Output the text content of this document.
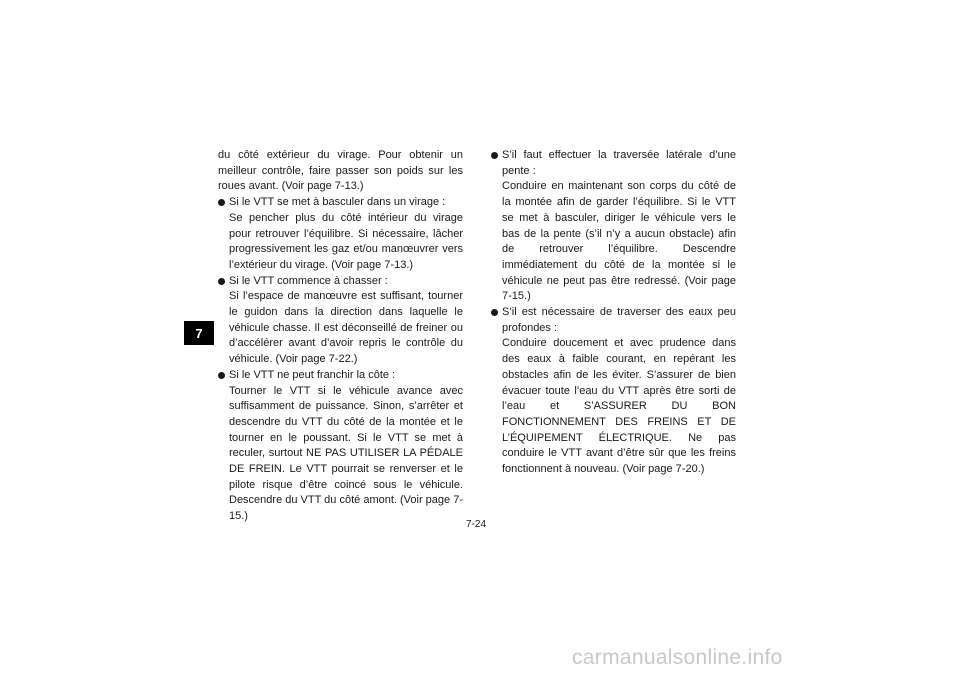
7

du côté extérieur du virage. Pour obtenir un meilleur contrôle, faire passer son poids sur les roues avant. (Voir page 7-13.)

Si le VTT se met à basculer dans un virage :
Se pencher plus du côté intérieur du virage pour retrouver l’équilibre. Si nécessaire, lâcher progressivement les gaz et/ou manœuvrer vers l’extérieur du virage. (Voir page 7-13.)
Si le VTT commence à chasser :
Si l’espace de manœuvre est suffisant, tourner le guidon dans la direction dans laquelle le véhicule chasse. Il est déconseillé de freiner ou d’accélérer avant d’avoir repris le contrôle du véhicule. (Voir page 7-22.)
Si le VTT ne peut franchir la côte :
Tourner le VTT si le véhicule avance avec suffisamment de puissance. Sinon, s’arrêter et descendre du VTT du côté de la montée et le tourner en le poussant. Si le VTT se met à reculer, surtout NE PAS UTILISER LA PÉDALE DE FREIN. Le VTT pourrait se renverser et le pilote risque d’être coincé sous le véhicule. Descendre du VTT du côté amont. (Voir page 7-15.)
S’il faut effectuer la traversée latérale d’une pente :
Conduire en maintenant son corps du côté de la montée afin de garder l’équilibre. Si le VTT se met à basculer, diriger le véhicule vers le bas de la pente (s’il n’y a aucun obstacle) afin de retrouver l’équilibre. Descendre immédiatement du côté de la montée si le véhicule ne peut pas être redressé. (Voir page 7-15.)
S’il est nécessaire de traverser des eaux peu profondes :
Conduire doucement et avec prudence dans des eaux à faible courant, en repérant les obstacles afin de les éviter. S’assurer de bien évacuer toute l’eau du VTT après être sorti de l’eau et S’ASSURER DU BON FONCTIONNEMENT DES FREINS ET DE L’ÉQUIPEMENT ÉLECTRIQUE. Ne pas conduire le VTT avant d’être sûr que les freins fonctionnent à nouveau. (Voir page 7-20.)
7-24
carmanualsonline.info
